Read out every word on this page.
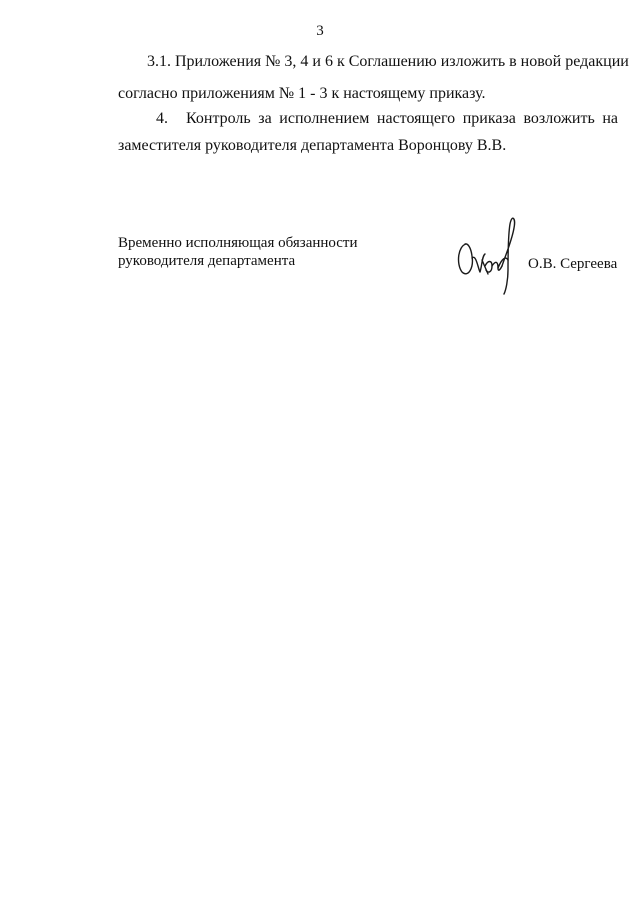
3
3.1. Приложения № 3, 4 и 6 к Соглашению изложить в новой редакции
согласно приложениям № 1 - 3 к настоящему приказу.
4.	Контроль за исполнением настоящего приказа возложить на
заместителя руководителя департамента Воронцову В.В.
Временно исполняющая обязанности
руководителя департамента	О.В. Сергеева
